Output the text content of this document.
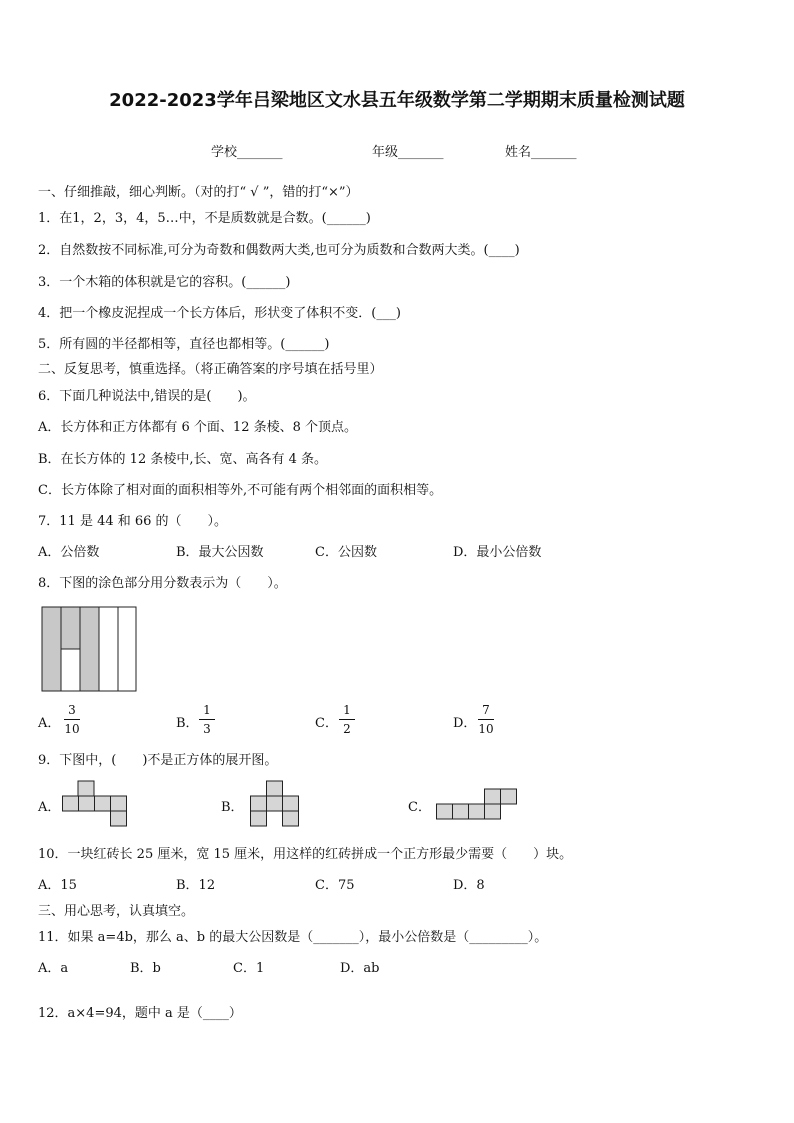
2022-2023学年吕梁地区文水县五年级数学第二学期期末质量检测试题
学校_______	年级_______	姓名_______
一、仔细推敲，细心判断。（对的打“ √ ”，错的打“×”）
1．在1，2，3，4，5…中，不是质数就是合数。(______)
2．自然数按不同标准,可分为奇数和偶数两大类,也可分为质数和合数两大类。(____)
3．一个木箱的体积就是它的容积。(______)
4．把一个橡皮泥捏成一个长方体后，形状变了体积不变．(___)
5．所有圆的半径都相等，直径也都相等。(______)
二、反复思考，慎重选择。（将正确答案的序号填在括号里）
6．下面几种说法中,错误的是(　　)。
A．长方体和正方体都有 6 个面、12 条棱、8 个顶点。
B．在长方体的 12 条棱中,长、宽、高各有 4 条。
C．长方体除了相对面的面积相等外,不可能有两个相邻面的面积相等。
7．11 是 44 和 66 的（　　）。
A．公倍数	B．最大公因数	C．公因数	D．最小公倍数
8．下图的涂色部分用分数表示为（　　）。
A．
3
10	B．
1
3	C．
1
2	D．
7
10
9．下图中，(　　)不是正方体的展开图。
A．	B．	C．
10．一块红砖长 25 厘米，宽 15 厘米，用这样的红砖拼成一个正方形最少需要（　　）块。
A．15	B．12	C．75	D．8
三、用心思考，认真填空。
11．如果 a=4b，那么 a、b 的最大公因数是（_______），最小公倍数是（_________）。
A．a	B．b	C．1	D．ab
12．a×4=94，题中 a 是（____）
